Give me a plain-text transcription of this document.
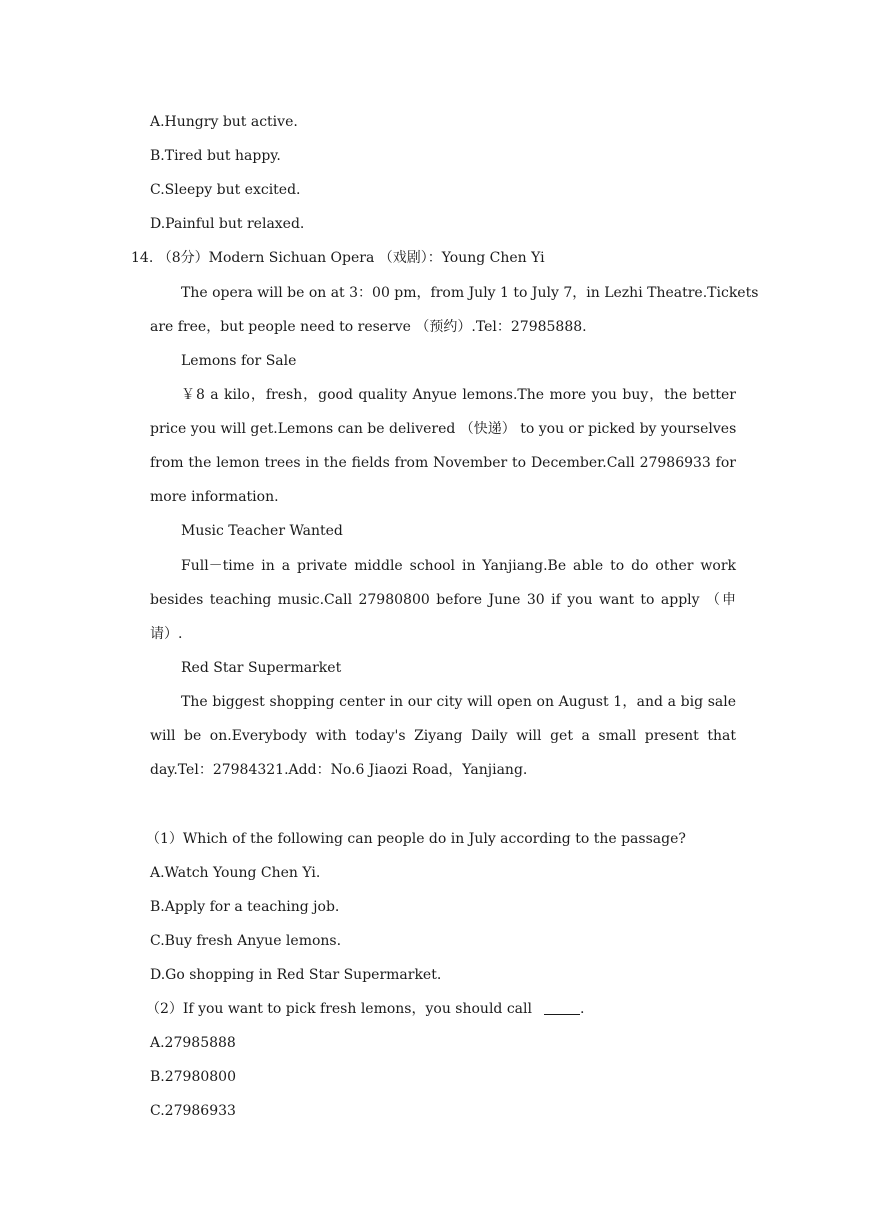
A.Hungry but active.
B.Tired but happy.
C.Sleepy but excited.
D.Painful but relaxed.
14. （8分）Modern Sichuan Opera （戏剧）：Young Chen Yi
The opera will be on at 3：00 pm，from July 1 to July 7，in Lezhi Theatre.Tickets
are free，but people need to reserve （预约）.Tel：27985888.
Lemons for Sale
￥8 a kilo，fresh，good quality Anyue lemons.The more you buy，the better
price you will get.Lemons can be delivered （快递） to you or picked by yourselves
from the lemon trees in the fields from November to December.Call 27986933 for
more information.
Music Teacher Wanted
Full－time in a private middle school in Yanjiang.Be able to do other work
besides teaching music.Call 27980800 before June 30 if you want to apply （申
请）.
Red Star Supermarket
The biggest shopping center in our city will open on August 1，and a big sale
will be on.Everybody with today's Ziyang Daily will get a small present that
day.Tel：27984321.Add：No.6 Jiaozi Road，Yanjiang.
（1）Which of the following can people do in July according to the passage?
A.Watch Young Chen Yi.
B.Apply for a teaching job.
C.Buy fresh Anyue lemons.
D.Go shopping in Red Star Supermarket.
（2）If you want to pick fresh lemons，you should call	.
A.27985888
B.27980800
C.27986933
